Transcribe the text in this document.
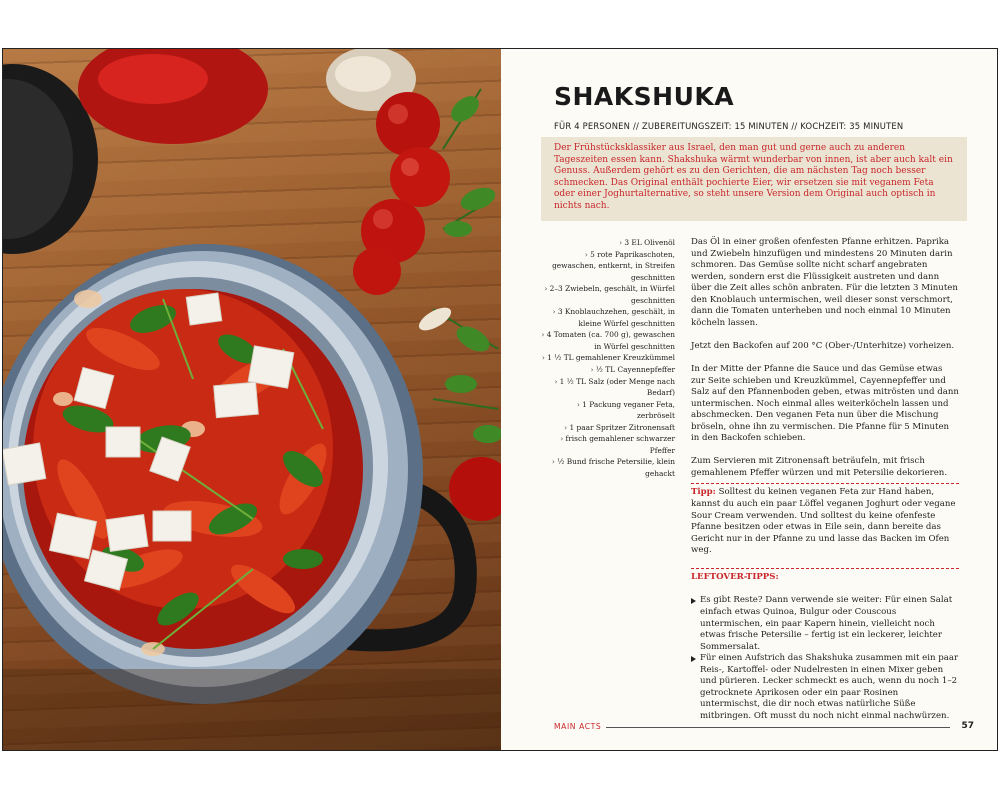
SHAKSHUKA
FÜR 4 PERSONEN // ZUBEREITUNGSZEIT: 15 MINUTEN // KOCHZEIT: 35 MINUTEN

Der Frühstücksklassiker aus Israel, den man gut und gerne auch zu anderen Tageszeiten essen kann. Shakshuka wärmt wunderbar von innen, ist aber auch kalt ein Genuss. Außerdem gehört es zu den Gerichten, die am nächsten Tag noch besser schmecken. Das Original enthält pochierte Eier, wir ersetzen sie mit veganem Feta oder einer Joghurtalternative, so steht unsere Version dem Original auch optisch in nichts nach.

› 3 EL Olivenöl
› 5 rote Paprikaschoten, gewaschen, entkernt, in Streifen geschnitten
› 2–3 Zwiebeln, geschält, in Würfel geschnitten
› 3 Knoblauchzehen, geschält, in kleine Würfel geschnitten
› 4 Tomaten (ca. 700 g), gewaschen in Würfel geschnitten
› 1 ½ TL gemahlener Kreuzkümmel
› ½ TL Cayennepfeffer
› 1 ½ TL Salz (oder Menge nach Bedarf)
› 1 Packung veganer Feta, zerbröselt
› 1 paar Spritzer Zitronensaft
› frisch gemahlener schwarzer Pfeffer
› ½ Bund frische Petersilie, klein gehackt

Das Öl in einer großen ofenfesten Pfanne erhitzen. Paprika und Zwiebeln hinzufügen und mindestens 20 Minuten darin schmoren. Das Gemüse sollte nicht scharf angebraten werden, sondern erst die Flüssigkeit austreten und dann über die Zeit alles schön anbraten. Für die letzten 3 Minuten den Knoblauch untermischen, weil dieser sonst verschmort, dann die Tomaten unterheben und noch einmal 10 Minuten köcheln lassen.

Jetzt den Backofen auf 200 °C (Ober-/Unterhitze) vorheizen.

In der Mitte der Pfanne die Sauce und das Gemüse etwas zur Seite schieben und Kreuzkümmel, Cayennepfeffer und Salz auf den Pfannenboden geben, etwas mitrösten und dann untermischen. Noch einmal alles weiterköcheln lassen und abschmecken. Den veganen Feta nun über die Mischung bröseln, ohne ihn zu vermischen. Die Pfanne für 5 Minuten in den Backofen schieben.

Zum Servieren mit Zitronensaft beträufeln, mit frisch gemahlenem Pfeffer würzen und mit Petersilie dekorieren.

Tipp: Sollte​st du keinen veganen Feta zur Hand haben, kannst du auch ein paar Löffel veganen Joghurt oder vegane Sour Cream verwenden. Und solltest du keine ofenfeste Pfanne besitzen oder etwas in Eile sein, dann bereite das Gericht nur in der Pfanne zu und lasse das Backen im Ofen weg.

LEFTOVER-TIPPS:

Es gibt Reste? Dann verwende sie weiter: Für einen Salat einfach etwas Quinoa, Bulgur oder Couscous untermischen, ein paar Kapern hinein, vielleicht noch etwas frische Petersilie – fertig ist ein leckerer, leichter Sommersalat.
Für einen Aufstrich das Shakshuka zusammen mit ein paar Reis-, Kartoffel- oder Nudelresten in einen Mixer geben und pürieren. Lecker schmeckt es auch, wenn du noch 1–2 getrocknete Aprikosen oder ein paar Rosinen untermischst, die dir noch etwas natürliche Süße mitbringen. Oft musst du noch nicht einmal nachwürzen.
MAIN ACTS	57
